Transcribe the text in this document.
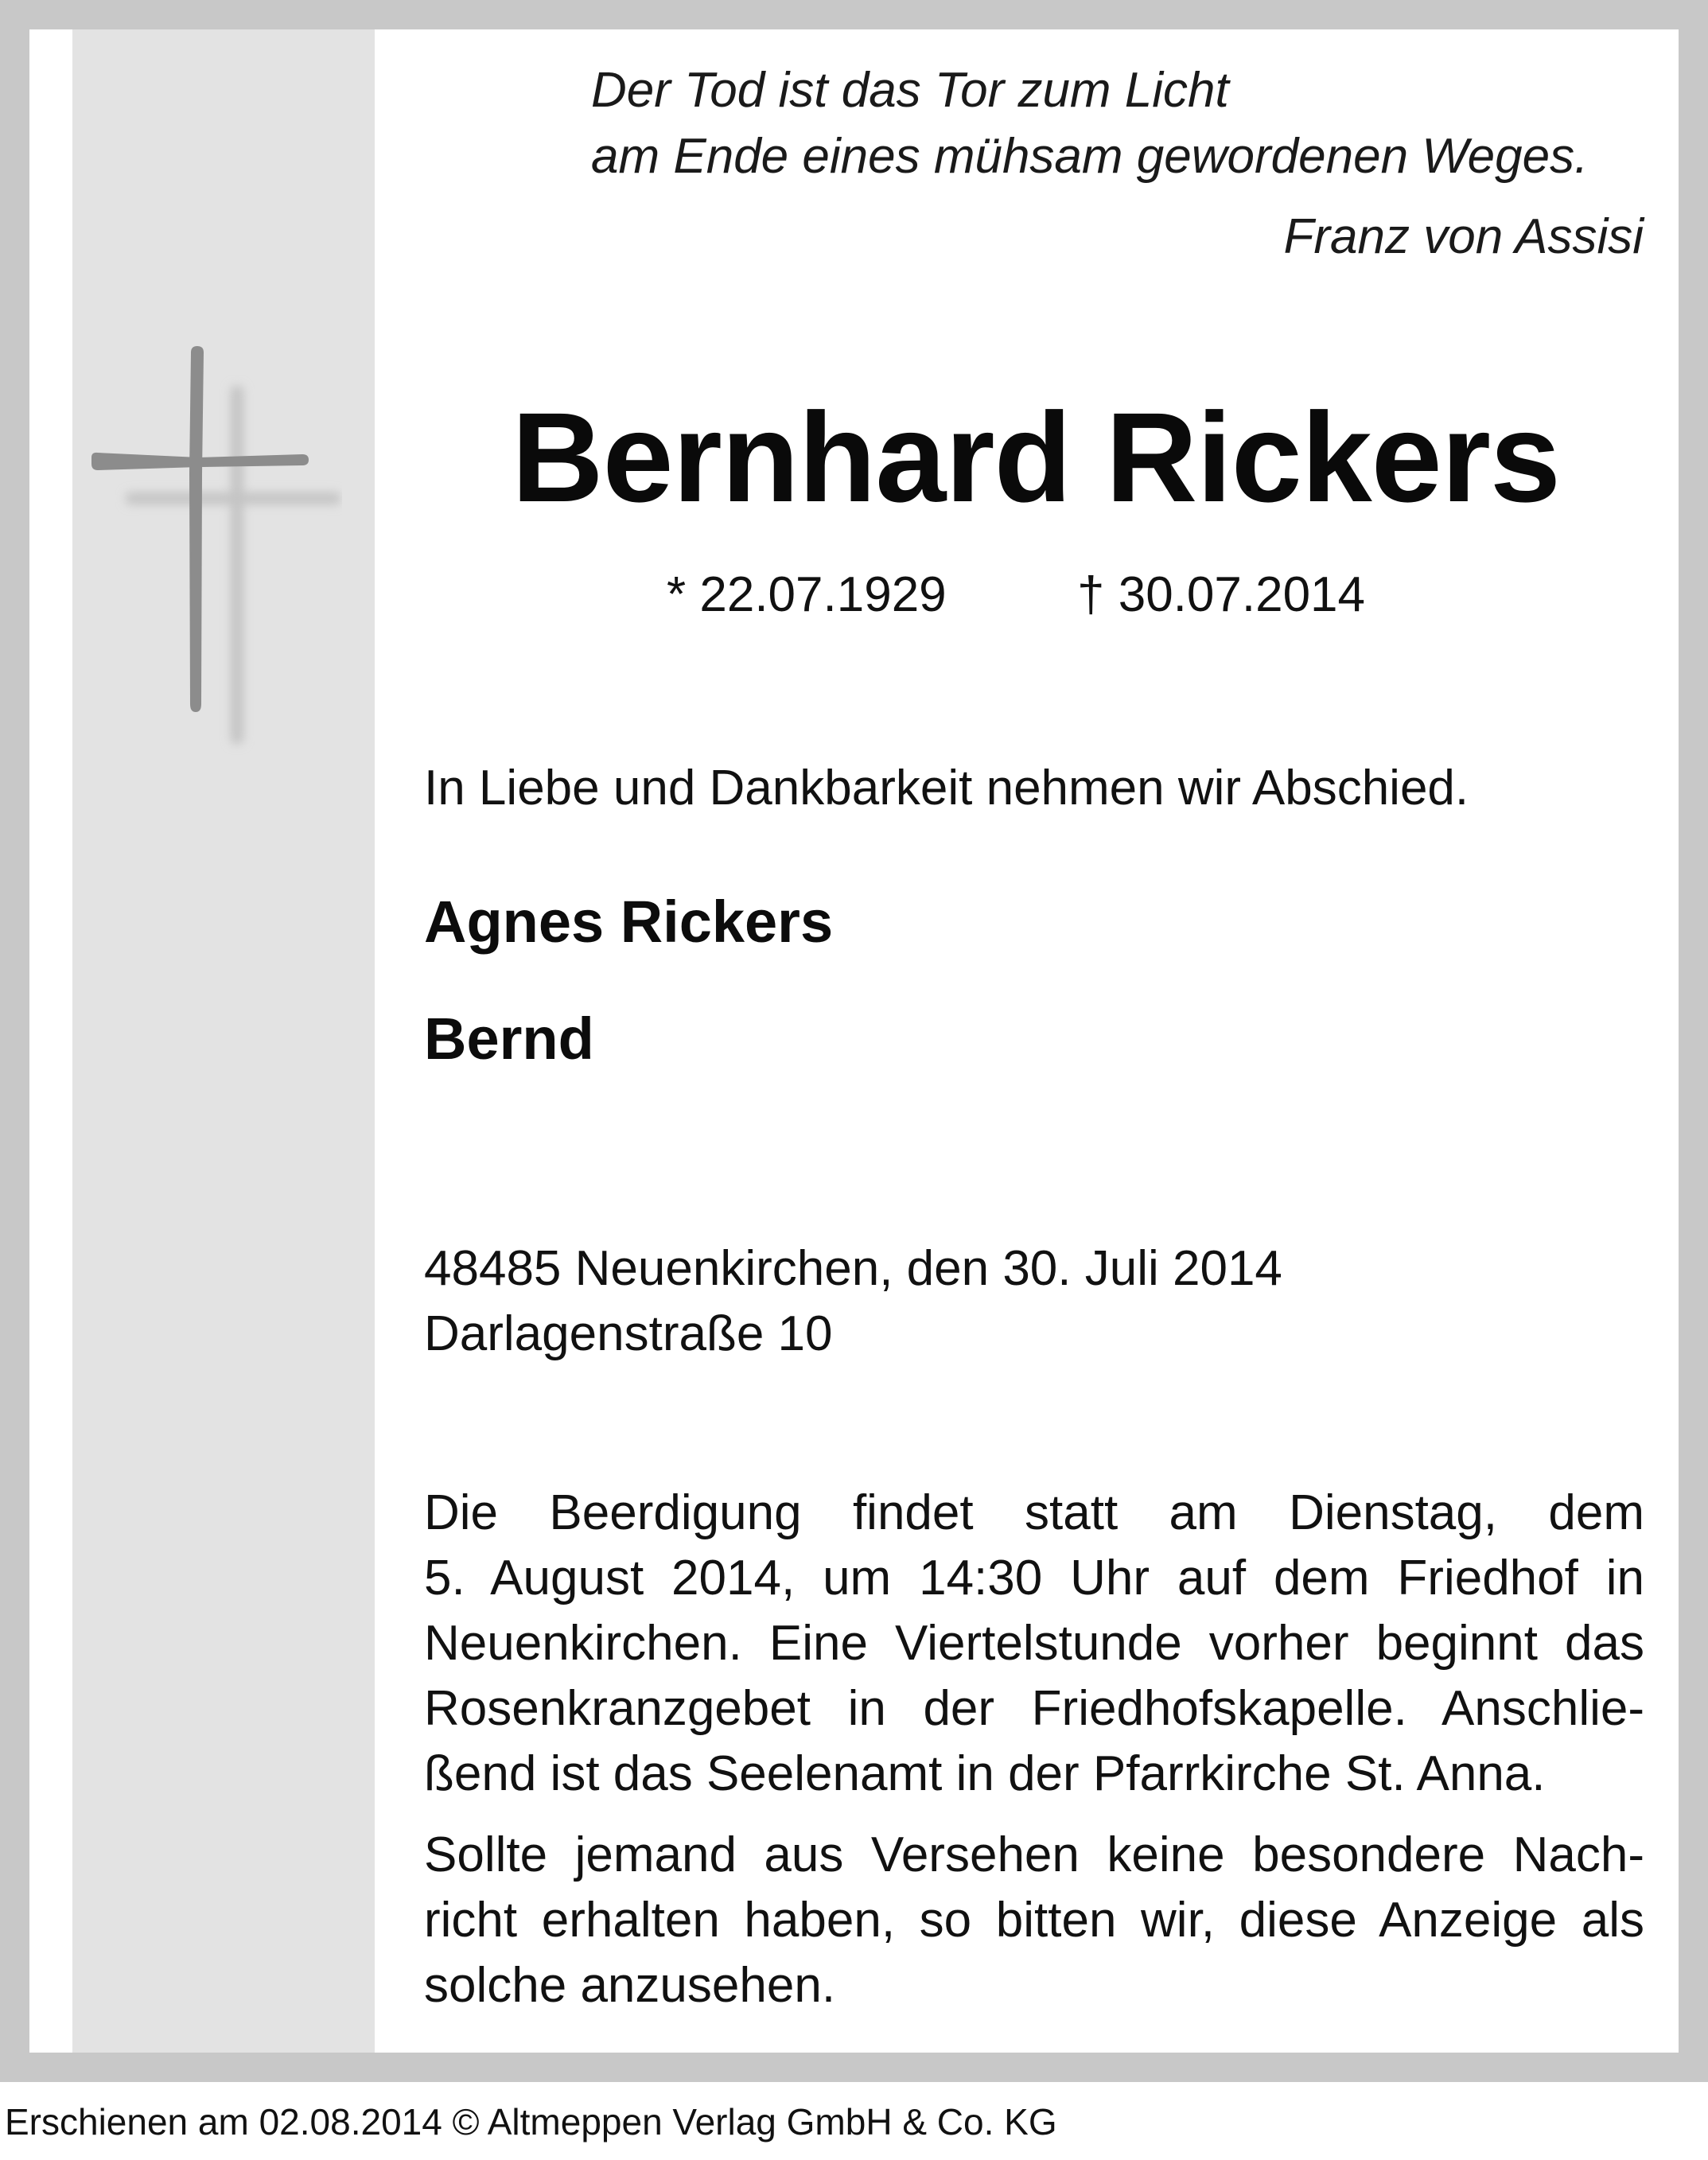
Der Tod ist das Tor zum Licht
am Ende eines mühsam gewordenen Weges.
Franz von Assisi
Bernhard Rickers
* 22.07.1929	† 30.07.2014
In Liebe und Dankbarkeit nehmen wir Abschied.
Agnes Rickers
Bernd
48485 Neuenkirchen, den 30. Juli 2014
Darlagenstraße 10
Die Beerdigung findet statt am Dienstag, dem
5. August 2014, um 14:30 Uhr auf dem Friedhof in
Neuenkirchen. Eine Viertelstunde vorher beginnt das
Rosenkranzgebet in der Friedhofskapelle. Anschlie-
ßend ist das Seelenamt in der Pfarrkirche St. Anna.
Sollte jemand aus Versehen keine besondere Nach-
richt erhalten haben, so bitten wir, diese Anzeige als
solche anzusehen.
Erschienen am 02.08.2014 © Altmeppen Verlag GmbH & Co. KG
